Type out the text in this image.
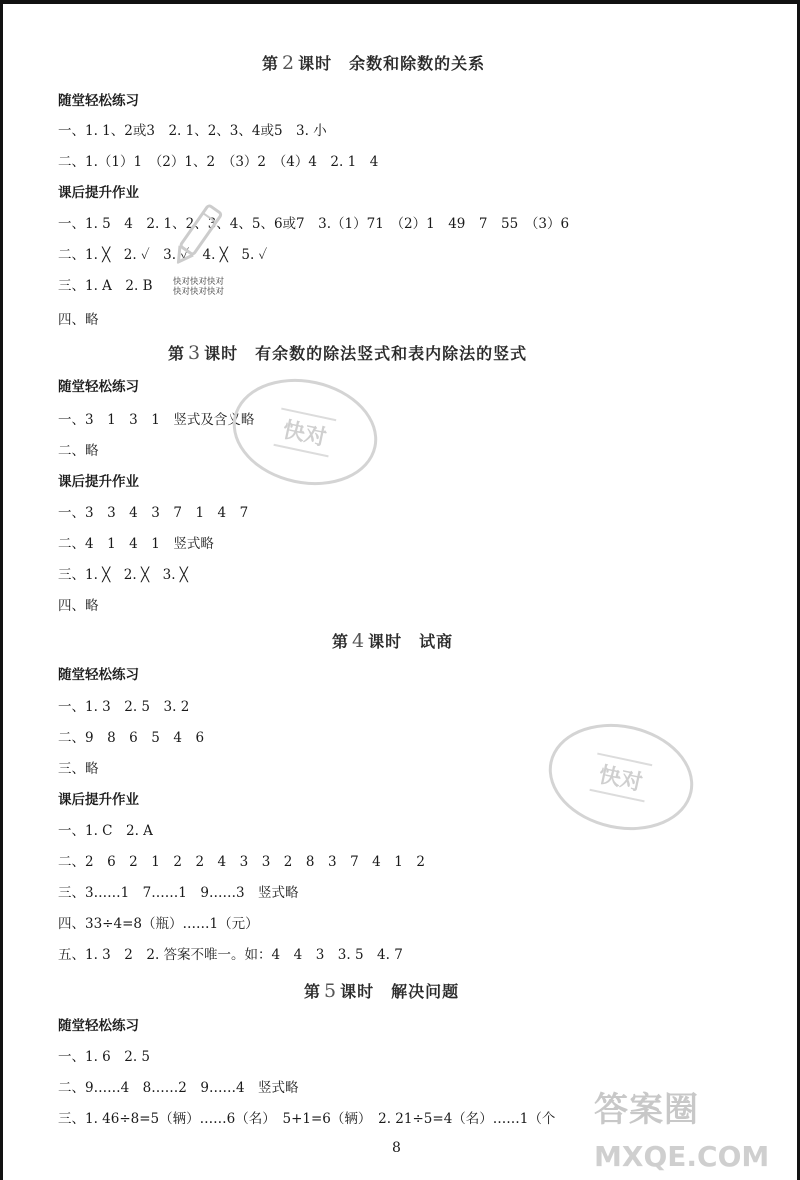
第 2 课时　余数和除数的关系
随堂轻松练习
一、1. 1、2或3　2. 1、2、3、4或5　3. 小
二、1.（1）1　（2）1、2　（3）2　（4）4　2. 1　4
课后提升作业
一、1. 5　4　2. 1、2、3、4、5、6或7　3.（1）71　（2）1　49　7　55　（3）6
二、1. ╳　2. ✓　3. ✓　4. ╳　5. ✓
三、1. A　2. B
四、略
快对快对快对
快对快对快对
第 3 课时　有余数的除法竖式和表内除法的竖式
随堂轻松练习
一、3　1　3　1　竖式及含义略
二、略
课后提升作业
一、3　3　4　3　7　1　4　7
二、4　1　4　1　竖式略
三、1. ╳　2. ╳　3. ╳
四、略
快对
第 4 课时　试商
随堂轻松练习
一、1. 3　2. 5　3. 2
二、9　8　6　5　4　6
三、略
课后提升作业
一、1. C　2. A
二、2　6　2　1　2　2　4　3　3　2　8　3　7　4　1　2
三、3……1　7……1　9……3　竖式略
四、33÷4=8（瓶）……1（元）
五、1. 3　2　2. 答案不唯一。如：4　4　3　3. 5　4. 7
快对
第 5 课时　解决问题
随堂轻松练习
一、1. 6　2. 5
二、9……4　8……2　9……4　竖式略
三、1. 46÷8=5（辆）……6（名）　5+1=6（辆）　2. 21÷5=4（名）……1（个 答案圈
MXQE.COM
8
